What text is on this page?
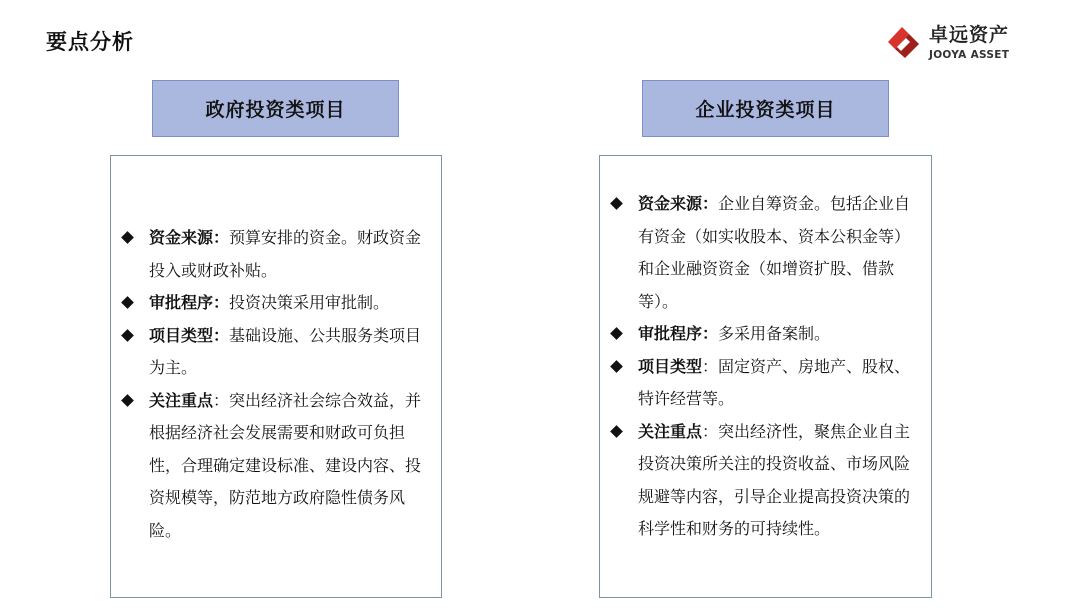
要点分析	卓远资产
JOOYA ASSET
政府投资类项目	企业投资类项目
资金来源：预算安排的资金。财政资金投入或财政补贴。
审批程序：投资决策采用审批制。
项目类型：基础设施、公共服务类项目为主。
关注重点：突出经济社会综合效益，并根据经济社会发展需要和财政可负担性，合理确定建设标准、建设内容、投资规模等，防范地方政府隐性债务风险。
资金来源：企业自筹资金。包括企业自有资金（如实收股本、资本公积金等）和企业融资资金（如增资扩股、借款等）。
审批程序：多采用备案制。
项目类型：固定资产、房地产、股权、特许经营等。
关注重点：突出经济性，聚焦企业自主投资决策所关注的投资收益、市场风险规避等内容，引导企业提高投资决策的科学性和财务的可持续性。
